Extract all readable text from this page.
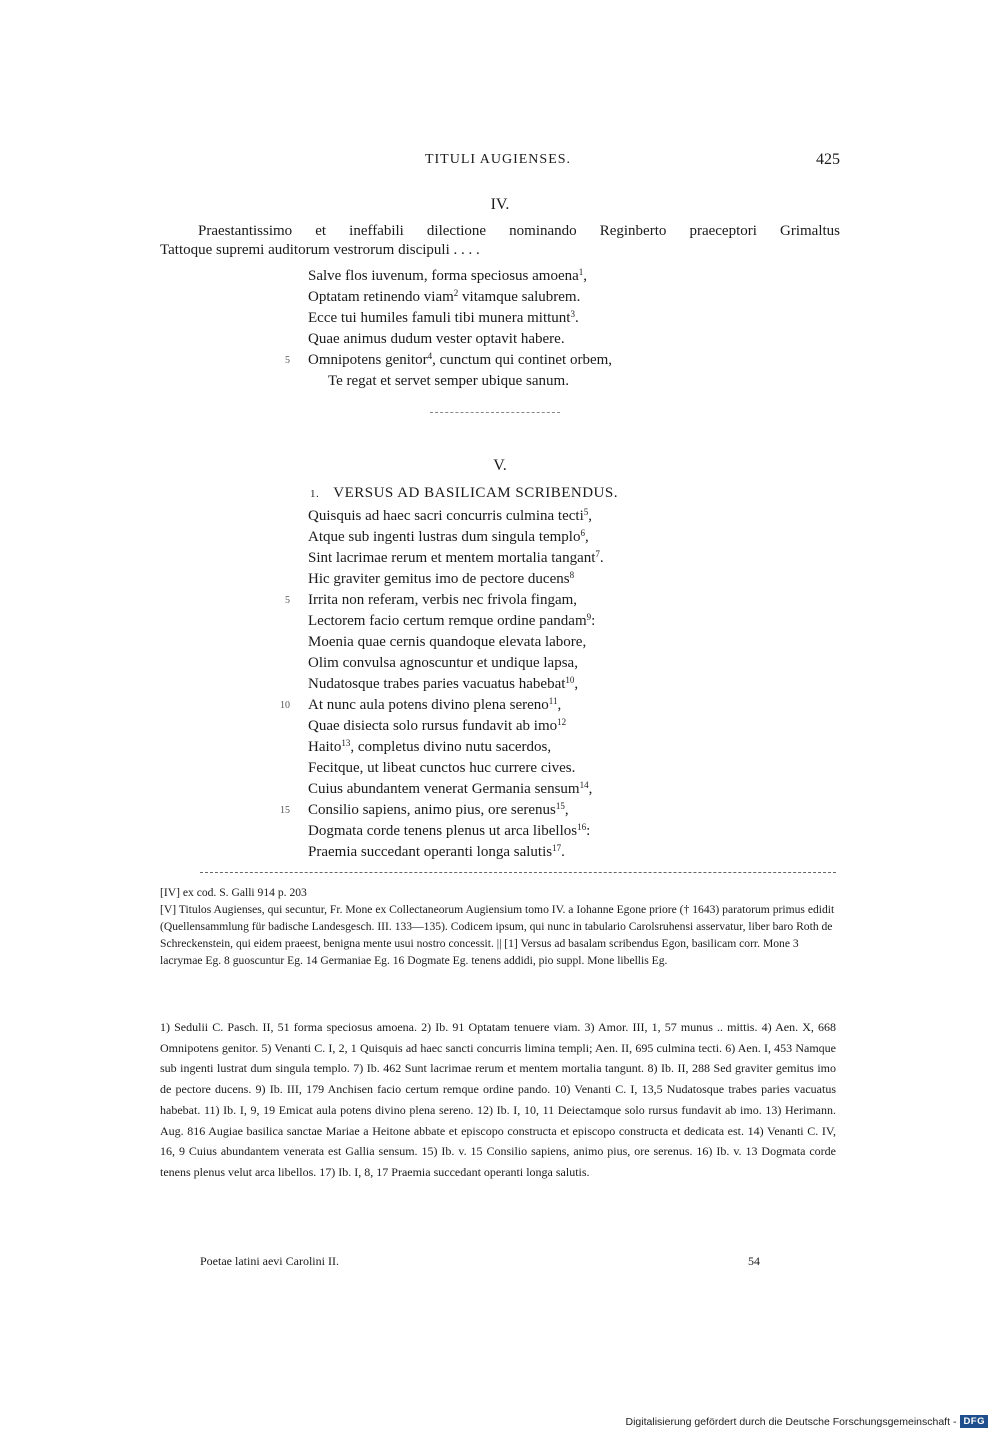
TITULI AUGIENSES.	425
IV.
Praestantissimo et ineffabili dilectione nominando Reginberto praeceptori Grimaltus
Tattoque supremi auditorum vestrorum discipuli . . . .
Salve flos iuvenum, forma speciosus amoena$^1$,
Optatam retinendo viam$^2$ vitamque salubrem.
Ecce tui humiles famuli tibi munera mittunt$^3$.
Quae animus dudum vester optavit habere.
5 Omnipotens genitor$^4$, cunctum qui continet orbem,
Te regat et servet semper ubique sanum.
V.
1. VERSUS AD BASILICAM SCRIBENDUS.
Quisquis ad haec sacri concurris culmina tecti$^5$,
Atque sub ingenti lustras dum singula templo$^6$,
Sint lacrimae rerum et mentem mortalia tangant$^7$.
Hic graviter gemitus imo de pectore ducens$^8$
5 Irrita non referam, verbis nec frivola fingam,
Lectorem facio certum remque ordine pandam$^9$:
Moenia quae cernis quandoque elevata labore,
Olim convulsa agnoscuntur et undique lapsa,
Nudatosque trabes paries vacuatus habebat$^{10}$,
10 At nunc aula potens divino plena sereno$^{11}$,
Quae disiecta solo rursus fundavit ab imo$^{12}$
Haito$^{13}$, completus divino nutu sacerdos,
Fecitque, ut libeat cunctos huc currere cives.
Cuius abundantem venerat Germania sensum$^{14}$,
15 Consilio sapiens, animo pius, ore serenus$^{15}$,
Dogmata corde tenens plenus ut arca libellos$^{16}$:
Praemia succedant operanti longa salutis$^{17}$.

[IV] ex cod. S. Galli 914 p. 203

[V] Titulos Augienses, qui secuntur, Fr. Mone ex Collectaneorum Augiensium tomo IV. a Iohanne Egone priore († 1643) paratorum primus edidit (Quellensammlung für badische Landesgesch. III. 133—135). Codicem ipsum, qui nunc in tabulario Carolsruhensi asservatur, liber baro Roth de Schreckenstein, qui eidem praeest, benigna mente usui nostro concessit. || [1] Versus ad basalam scribendus Egon, basilicam corr. Mone 3 lacrymae Eg. 8 guoscuntur Eg. 14 Germaniae Eg. 16 Dogmate Eg. tenens addidi, pio suppl. Mone libellis Eg.

1) Sedulii C. Pasch. II, 51 forma speciosus amoena. 2) Ib. 91 Optatam tenuere viam. 3) Amor. III, 1, 57 munus .. mittis. 4) Aen. X, 668 Omnipotens genitor. 5) Venanti C. I, 2, 1 Quisquis ad haec sancti concurris limina templi; Aen. II, 695 culmina tecti. 6) Aen. I, 453 Namque sub ingenti lustrat dum singula templo. 7) Ib. 462 Sunt lacrimae rerum et mentem mortalia tangunt. 8) Ib. II, 288 Sed graviter gemitus imo de pectore ducens. 9) Ib. III, 179 Anchisen facio certum remque ordine pando. 10) Venanti C. I, 13,5 Nudatosque trabes paries vacuatus habebat. 11) Ib. I, 9, 19 Emicat aula potens divino plena sereno. 12) Ib. I, 10, 11 Deiectamque solo rursus fundavit ab imo. 13) Herimann. Aug. 816 Augiae basilica sanctae Mariae a Heitone abbate et episcopo constructa et episcopo constructa et dedicata est. 14) Venanti C. IV, 16, 9 Cuius abundantem venerata est Gallia sensum. 15) Ib. v. 15 Consilio sapiens, animo pius, ore serenus. 16) Ib. v. 13 Dogmata corde tenens plenus velut arca libellos. 17) Ib. I, 8, 17 Praemia succedant operanti longa salutis.

Poetae latini aevi Carolini II.	54
Digitalisierung gefördert durch die Deutsche Forschungsgemeinschaft - DFG
